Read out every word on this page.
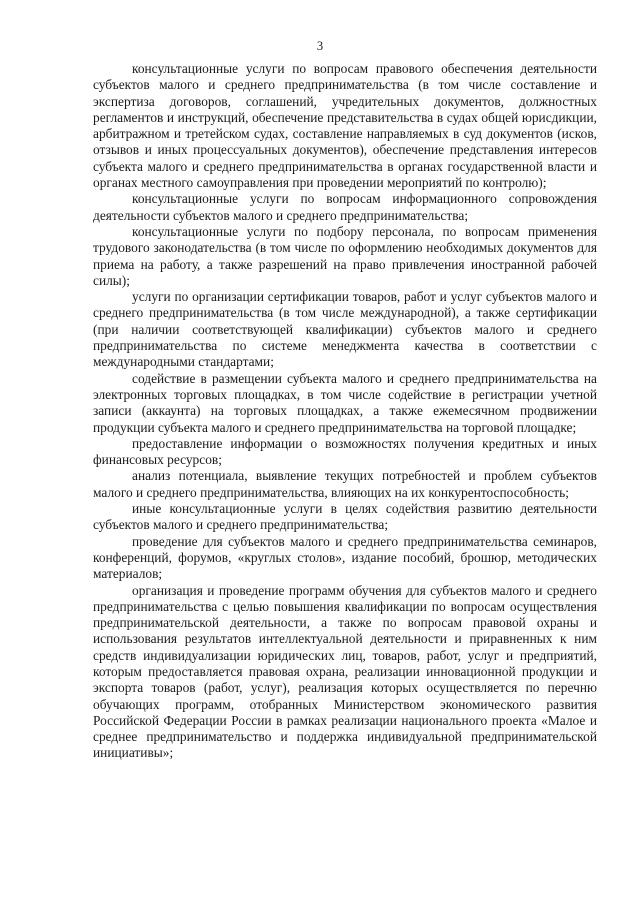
3

консультационные услуги по вопросам правового обеспечения деятельности субъектов малого и среднего предпринимательства (в том числе составление и экспертиза договоров, соглашений, учредительных документов, должностных регламентов и инструкций, обеспечение представительства в судах общей юрисдикции, арбитражном и третейском судах, составление направляемых в суд документов (исков, отзывов и иных процессуальных документов), обеспечение представления интересов субъекта малого и среднего предпринимательства в органах государственной власти и органах местного самоуправления при проведении мероприятий по контролю);

консультационные услуги по вопросам информационного сопровождения деятельности субъектов малого и среднего предпринимательства;

консультационные услуги по подбору персонала, по вопросам применения трудового законодательства (в том числе по оформлению необходимых документов для приема на работу, а также разрешений на право привлечения иностранной рабочей силы);

услуги по организации сертификации товаров, работ и услуг субъектов малого и среднего предпринимательства (в том числе международной), а также сертификации (при наличии соответствующей квалификации) субъектов малого и среднего предпринимательства по системе менеджмента качества в соответствии с международными стандартами;

содействие в размещении субъекта малого и среднего предпринимательства на электронных торговых площадках, в том числе содействие в регистрации учетной записи (аккаунта) на торговых площадках, а также ежемесячном продвижении продукции субъекта малого и среднего предпринимательства на торговой площадке;

предоставление информации о возможностях получения кредитных и иных финансовых ресурсов;

анализ потенциала, выявление текущих потребностей и проблем субъектов малого и среднего предпринимательства, влияющих на их конкурентоспособность;

иные консультационные услуги в целях содействия развитию деятельности субъектов малого и среднего предпринимательства;

проведение для субъектов малого и среднего предпринимательства семинаров, конференций, форумов, «круглых столов», издание пособий, брошюр, методических материалов;

организация и проведение программ обучения для субъектов малого и среднего предпринимательства с целью повышения квалификации по вопросам осуществления предпринимательской деятельности, а также по вопросам правовой охраны и использования результатов интеллектуальной деятельности и приравненных к ним средств индивидуализации юридических лиц, товаров, работ, услуг и предприятий, которым предоставляется правовая охрана, реализации инновационной продукции и экспорта товаров (работ, услуг), реализация которых осуществляется по перечню обучающих программ, отобранных Министерством экономического развития Российской Федерации России в рамках реализации национального проекта «Малое и среднее предпринимательство и поддержка индивидуальной предпринимательской инициативы»;
